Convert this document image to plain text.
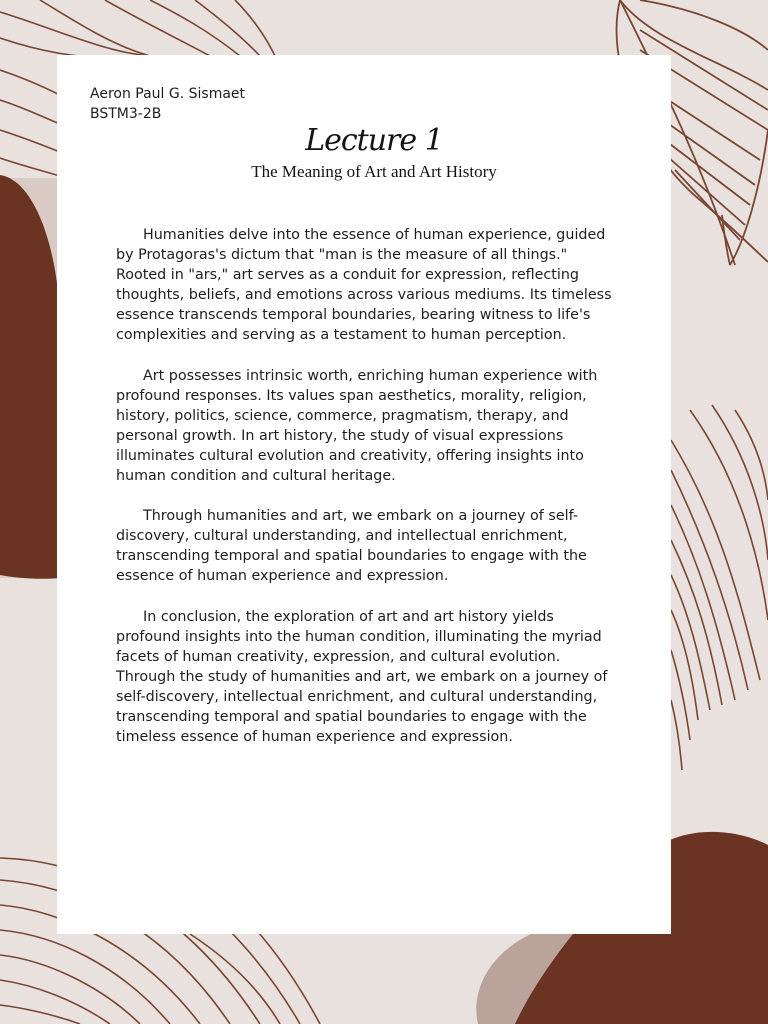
Aeron Paul G. Sismaet
BSTM3-2B
Lecture 1
The Meaning of Art and Art History

Humanities delve into the essence of human experience, guided by Protagoras's dictum that "man is the measure of all things." Rooted in "ars," art serves as a conduit for expression, reflecting thoughts, beliefs, and emotions across various mediums. Its timeless essence transcends temporal boundaries, bearing witness to life's complexities and serving as a testament to human perception.

Art possesses intrinsic worth, enriching human experience with profound responses. Its values span aesthetics, morality, religion, history, politics, science, commerce, pragmatism, therapy, and personal growth. In art history, the study of visual expressions illuminates cultural evolution and creativity, offering insights into human condition and cultural heritage.

Through humanities and art, we embark on a journey of self-discovery, cultural understanding, and intellectual enrichment, transcending temporal and spatial boundaries to engage with the essence of human experience and expression.

In conclusion, the exploration of art and art history yields profound insights into the human condition, illuminating the myriad facets of human creativity, expression, and cultural evolution. Through the study of humanities and art, we embark on a journey of self-discovery, intellectual enrichment, and cultural understanding, transcending temporal and spatial boundaries to engage with the timeless essence of human experience and expression.
